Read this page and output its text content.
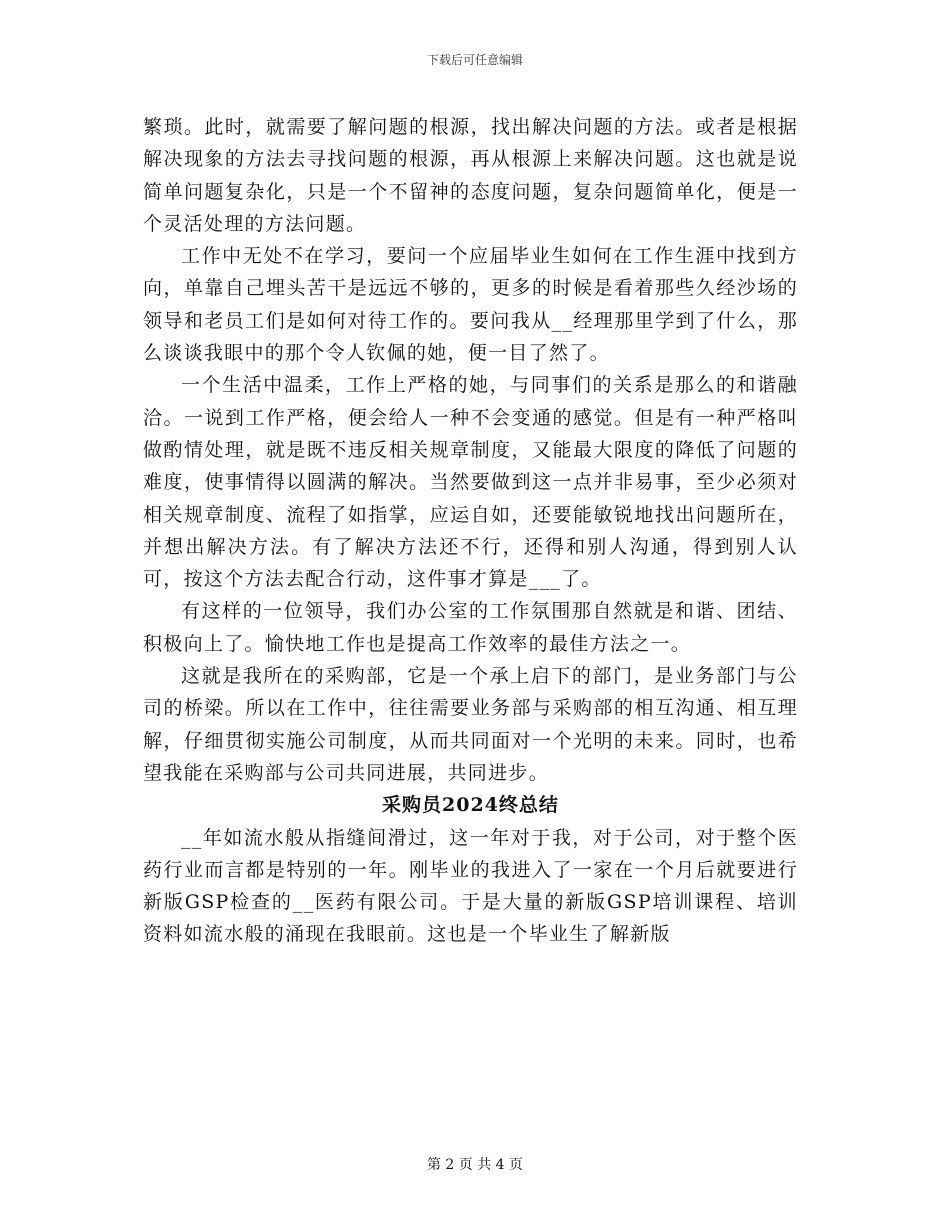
下载后可任意编辑

繁琐。此时，就需要了解问题的根源，找出解决问题的方法。或者是根据解决现象的方法去寻找问题的根源，再从根源上来解决问题。这也就是说简单问题复杂化，只是一个不留神的态度问题，复杂问题简单化，便是一个灵活处理的方法问题。

工作中无处不在学习，要问一个应届毕业生如何在工作生涯中找到方向，单靠自己埋头苦干是远远不够的，更多的时候是看着那些久经沙场的领导和老员工们是如何对待工作的。要问我从__经理那里学到了什么，那么谈谈我眼中的那个令人钦佩的她，便一目了然了。

一个生活中温柔，工作上严格的她，与同事们的关系是那么的和谐融洽。一说到工作严格，便会给人一种不会变通的感觉。但是有一种严格叫做酌情处理，就是既不违反相关规章制度，又能最大限度的降低了问题的难度，使事情得以圆满的解决。当然要做到这一点并非易事，至少必须对相关规章制度、流程了如指掌，应运自如，还要能敏锐地找出问题所在，并想出解决方法。有了解决方法还不行，还得和别人沟通，得到别人认可，按这个方法去配合行动，这件事才算是___了。

有这样的一位领导，我们办公室的工作氛围那自然就是和谐、团结、积极向上了。愉快地工作也是提高工作效率的最佳方法之一。

这就是我所在的采购部，它是一个承上启下的部门，是业务部门与公司的桥梁。所以在工作中，往往需要业务部与采购部的相互沟通、相互理解，仔细贯彻实施公司制度，从而共同面对一个光明的未来。同时，也希望我能在采购部与公司共同进展，共同进步。

采购员2024终总结

__年如流水般从指缝间滑过，这一年对于我，对于公司，对于整个医药行业而言都是特别的一年。刚毕业的我进入了一家在一个月后就要进行新版GSP检查的__医药有限公司。于是大量的新版GSP培训课程、培训资料如流水般的涌现在我眼前。这也是一个毕业生了解新版

第 2 页 共 4 页
